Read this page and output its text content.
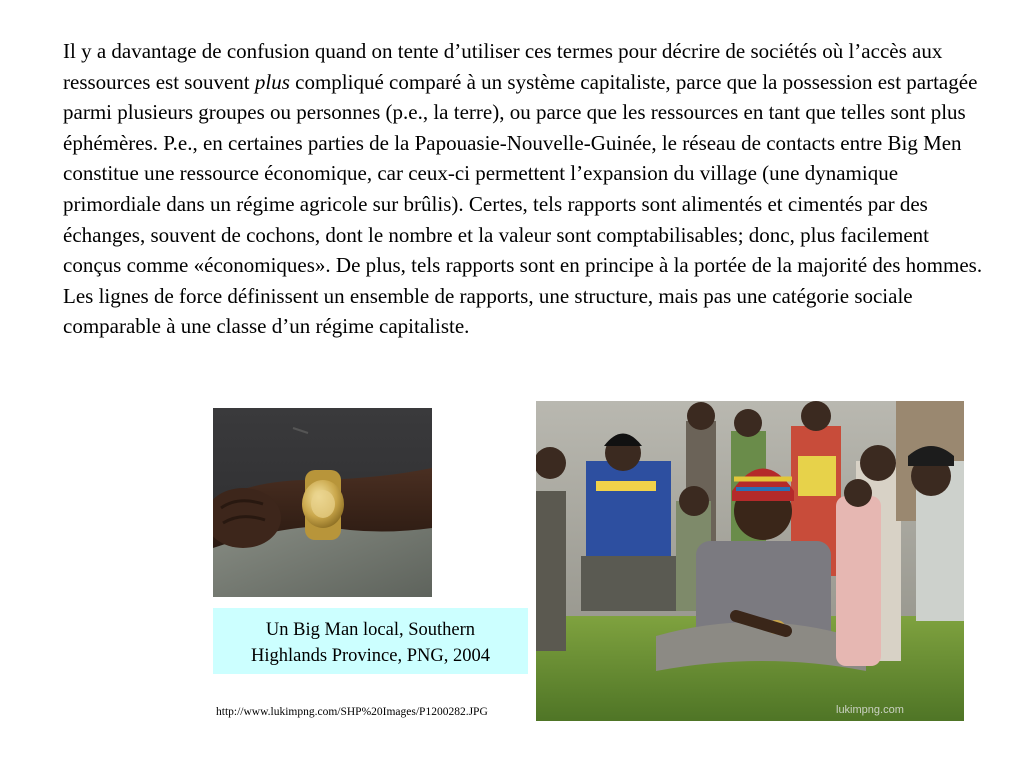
Il y a davantage de confusion quand on tente d’utiliser ces termes pour décrire de sociétés où l’accès aux ressources est souvent plus compliqué comparé à un système capitaliste, parce que la possession est partagée parmi plusieurs groupes ou personnes (p.e., la terre), ou parce que les ressources en tant que telles sont plus éphémères. P.e., en certaines parties de la Papouasie-Nouvelle-Guinée, le réseau de contacts entre Big Men constitue une ressource économique, car ceux-ci permettent l’expansion du village (une dynamique primordiale dans un régime agricole sur brûlis). Certes, tels rapports sont alimentés et cimentés par des échanges, souvent de cochons, dont le nombre et la valeur sont comptabilisables; donc, plus facilement conçus comme «économiques». De plus, tels rapports sont en principe à la portée de la majorité des hommes. Les lignes de force définissent un ensemble de rapports, une structure, mais pas une catégorie sociale comparable à une classe d’un régime capitaliste.

lukimpng.com
Un Big Man local, Southern
Highlands Province, PNG, 2004
http://www.lukimpng.com/SHP%20Images/P1200282.JPG
